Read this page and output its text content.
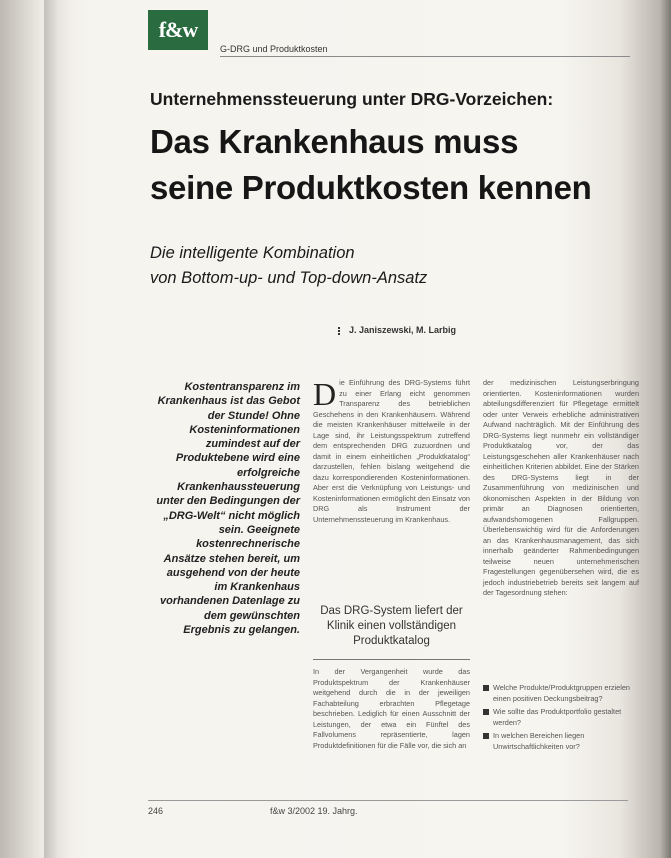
f&w
G-DRG und Produktkosten
Unternehmenssteuerung unter DRG-Vorzeichen:
Das Krankenhaus muss
seine Produktkosten kennen
Die intelligente Kombination
von Bottom-up- und Top-down-Ansatz
J. Janiszewski, M. Larbig
Kostentransparenz im Krankenhaus ist das Gebot der Stunde! Ohne Kosteninformationen zumindest auf der Produktebene wird eine erfolgreiche Krankenhaussteuerung unter den Bedingungen der „DRG-Welt“ nicht möglich sein. Geeignete kostenrechnerische Ansätze stehen bereit, um ausgehend von der heute im Krankenhaus vorhandenen Datenlage zu dem gewünschten Ergebnis zu gelangen.
D ie Einführung des DRG-Systems führt zu einer Erlang eicht genommen Transparenz des betrieblichen Geschehens in den Krankenhäusern. Während die meisten Krankenhäuser mittelweile in der Lage sind, ihr Leistungsspektrum zutreffend dem entsprechenden DRG zuzuordnen und damit in einem einheitlichen „Produktkatalog“ darzustellen, fehlen bislang weitgehend die dazu korrespondierenden Kosteninformationen. Aber erst die Verknüpfung von Leistungs- und Kosteninformationen ermöglicht den Einsatz von DRG als Instrument der Unternehmenssteuerung im Krankenhaus.

Das DRG-System liefert der Klinik einen vollständigen Produktkatalog

In der Vergangenheit wurde das Produktspektrum der Krankenhäuser weitgehend durch die in der jeweiligen Fachabteilung erbrachten Pflegetage beschrieben. Lediglich für einen Ausschnitt der Leistungen, der etwa ein Fünftel des Fallvolumens repräsentierte, lagen Produktdefinitionen für die Fälle vor, die sich an

der medizinischen Leistungserbringung orientierten. Kosteninformationen wurden abteilungsdifferenziert für Pflegetage ermittelt oder unter Verweis erhebliche administrativen Aufwand nachträglich. Mit der Einführung des DRG-Systems liegt nunmehr ein vollständiger Produktkatalog vor, der das Leistungsgeschehen aller Krankenhäuser nach einheitlichen Kriterien abbildet. Eine der Stärken des DRG-Systems liegt in der Zusammenführung von medizinischen und ökonomischen Aspekten in der Bildung von primär an Diagnosen orientierten, aufwandshomogenen Fallgruppen. Überlebenswichtig wird für die Anforderungen an das Krankenhausmanagement, das sich innerhalb geänderter Rahmenbedingungen teilweise neuen unternehmerischen Fragestellungen gegenübersehen wird, die es jedoch industriebetrieb bereits seit langem auf der Tagesordnung stehen:

Welche Produkte/Produktgruppen erzielen einen positiven Deckungsbeitrag?
Wie sollte das Produktportfolio gestaltet werden?
In welchen Bereichen liegen Unwirtschaftlichkeiten vor?
246	f&w 3/2002 19. Jahrg.
